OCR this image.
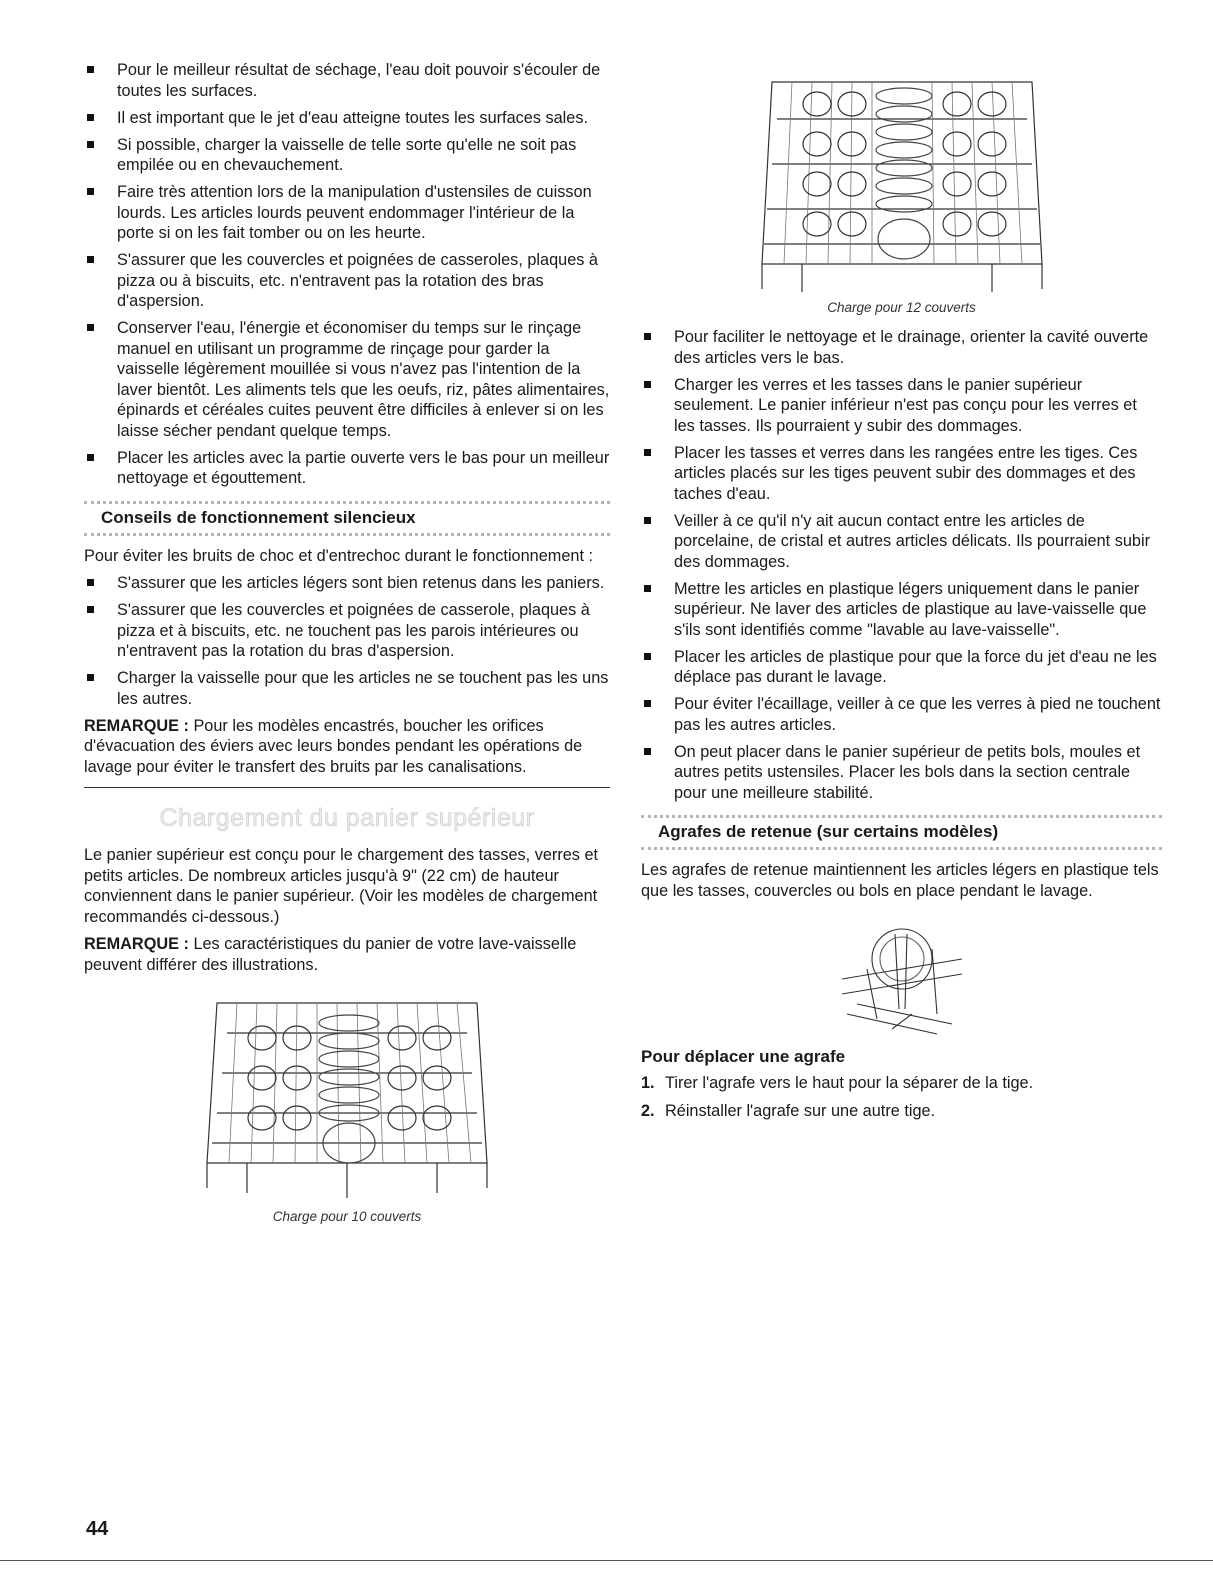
Pour le meilleur résultat de séchage, l'eau doit pouvoir s'écouler de toutes les surfaces.
Il est important que le jet d'eau atteigne toutes les surfaces sales.
Si possible, charger la vaisselle de telle sorte qu'elle ne soit pas empilée ou en chevauchement.
Faire très attention lors de la manipulation d'ustensiles de cuisson lourds. Les articles lourds peuvent endommager l'intérieur de la porte si on les fait tomber ou on les heurte.
S'assurer que les couvercles et poignées de casseroles, plaques à pizza ou à biscuits, etc. n'entravent pas la rotation des bras d'aspersion.
Conserver l'eau, l'énergie et économiser du temps sur le rinçage manuel en utilisant un programme de rinçage pour garder la vaisselle légèrement mouillée si vous n'avez pas l'intention de la laver bientôt. Les aliments tels que les oeufs, riz, pâtes alimentaires, épinards et céréales cuites peuvent être difficiles à enlever si on les laisse sécher pendant quelque temps.
Placer les articles avec la partie ouverte vers le bas pour un meilleur nettoyage et égouttement.
Conseils de fonctionnement silencieux

Pour éviter les bruits de choc et d'entrechoc durant le fonctionnement :

S'assurer que les articles légers sont bien retenus dans les paniers.
S'assurer que les couvercles et poignées de casserole, plaques à pizza et à biscuits, etc. ne touchent pas les parois intérieures ou n'entravent pas la rotation du bras d'aspersion.
Charger la vaisselle pour que les articles ne se touchent pas les uns les autres.

REMARQUE : Pour les modèles encastrés, boucher les orifices d'évacuation des éviers avec leurs bondes pendant les opérations de lavage pour éviter le transfert des bruits par les canalisations.

Chargement du panier supérieur

Le panier supérieur est conçu pour le chargement des tasses, verres et petits articles. De nombreux articles jusqu'à 9" (22 cm) de hauteur conviennent dans le panier supérieur. (Voir les modèles de chargement recommandés ci-dessous.)

REMARQUE : Les caractéristiques du panier de votre lave-vaisselle peuvent différer des illustrations.

Charge pour 10 couverts
Charge pour 12 couverts
Pour faciliter le nettoyage et le drainage, orienter la cavité ouverte des articles vers le bas.
Charger les verres et les tasses dans le panier supérieur seulement. Le panier inférieur n'est pas conçu pour les verres et les tasses. Ils pourraient y subir des dommages.
Placer les tasses et verres dans les rangées entre les tiges. Ces articles placés sur les tiges peuvent subir des dommages et des taches d'eau.
Veiller à ce qu'il n'y ait aucun contact entre les articles de porcelaine, de cristal et autres articles délicats. Ils pourraient subir des dommages.
Mettre les articles en plastique légers uniquement dans le panier supérieur. Ne laver des articles de plastique au lave-vaisselle que s'ils sont identifiés comme "lavable au lave-vaisselle".
Placer les articles de plastique pour que la force du jet d'eau ne les déplace pas durant le lavage.
Pour éviter l'écaillage, veiller à ce que les verres à pied ne touchent pas les autres articles.
On peut placer dans le panier supérieur de petits bols, moules et autres petits ustensiles. Placer les bols dans la section centrale pour une meilleure stabilité.
Agrafes de retenue (sur certains modèles)

Les agrafes de retenue maintiennent les articles légers en plastique tels que les tasses, couvercles ou bols en place pendant le lavage.

Pour déplacer une agrafe
1. Tirer l'agrafe vers le haut pour la séparer de la tige.
2. Réinstaller l'agrafe sur une autre tige.
44
